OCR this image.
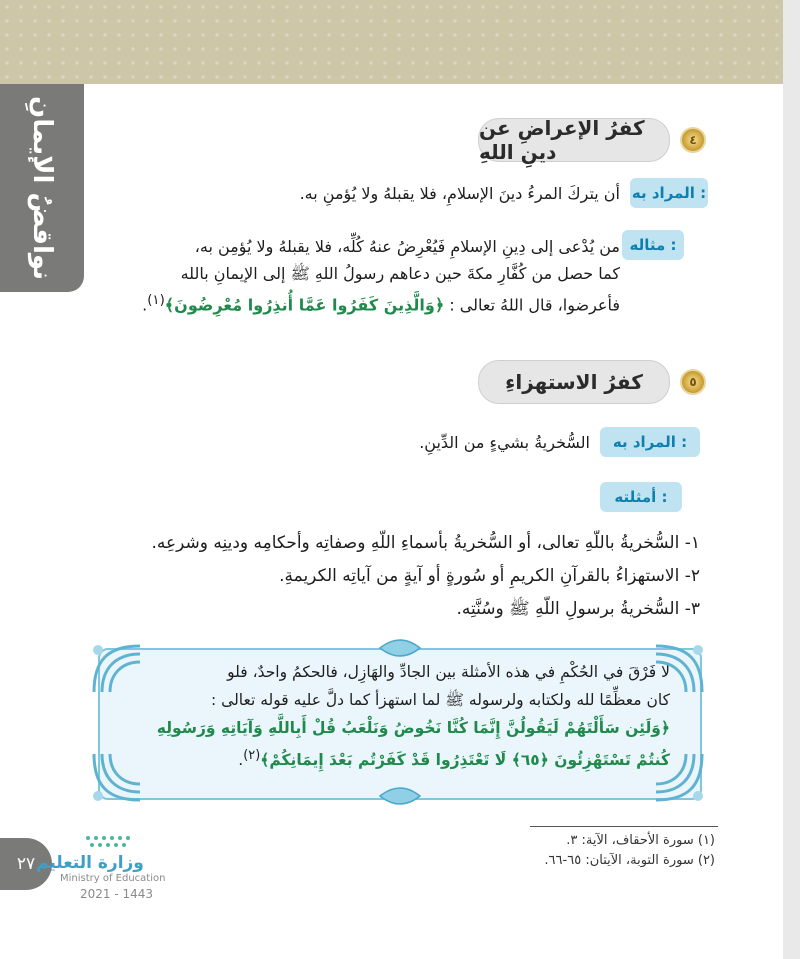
نواقضُ الإيمانِ	كفرُ الإعراضِ عن دينِ اللهِ	٤
المراد به :
أن يتركَ المرءُ دينَ الإسلامِ، فلا يقبلهُ ولا يُؤمنِ به.
مثاله :
من يُدْعى إلى دِينِ الإسلامِ فَيُعْرِضُ عنهُ كُلِّه، فلا يقبلهُ ولا يُؤمِن به،
كما حصل من كُفَّارِ مكةَ حين دعاهم رسولُ اللهِ ﷺ إلى الإيمانِ بالله
فأعرضوا، قال اللهُ تعالى : ﴿وَالَّذِينَ كَفَرُوا عَمَّا أُنذِرُوا مُعْرِضُونَ﴾$^{(١)}$.
كفرُ الاستهزاءِ	٥
المراد به :
السُّخريةُ بشيءٍ من الدِّينِ.
أمثلته :
١- السُّخريةُ باللّهِ تعالى، أو السُّخريةُ بأسماءِ اللّهِ وصفاتِه وأحكامِه ودينِه وشرعِه.
٢- الاستهزاءُ بالقرآنِ الكريمِ أو سُورةٍ أو آيةٍ من آياتِه الكريمةِ.
٣- السُّخريةُ برسولِ اللّهِ ﷺ وسُنَّتِه.
لا فَرْقَ في الحُكْمِ في هذه الأمثلة بين الجادِّ والهَازِل، فالحكمُ واحدٌ، فلو
كان معظِّمًا لله ولكتابه ولرسوله ﷺ لما استهزأ كما دلَّ عليه قوله تعالى :
﴿وَلَئِن سَأَلْتَهُمْ لَيَقُولُنَّ إِنَّمَا كُنَّا نَخُوضُ وَنَلْعَبُ قُلْ أَبِاللَّهِ وَآيَاتِهِ وَرَسُولِهِ
كُنتُمْ تَسْتَهْزِئُونَ ﴿٦٥﴾ لَا تَعْتَذِرُوا قَدْ كَفَرْتُم بَعْدَ إِيمَانِكُمْ﴾$^{(٢)}$.
(١) سورة الأحقاف، الآية: ٣.
(٢) سورة التوبة، الآيتان: ٦٥-٦٦.
٢٧ وزارة التعليم
Ministry of Education
2021 - 1443
